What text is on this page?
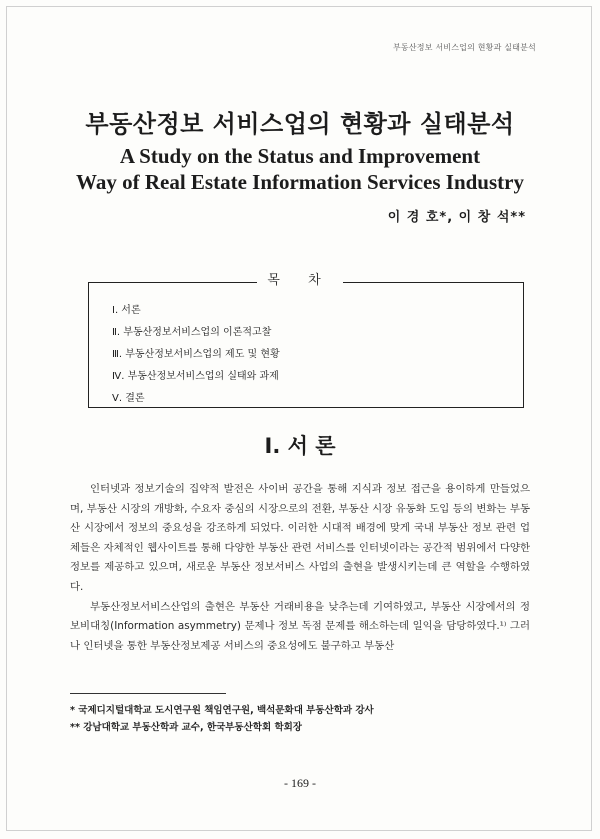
부동산정보 서비스업의 현황과 실태분석
부동산정보 서비스업의 현황과 실태분석
A Study on the Status and Improvement
Way of Real Estate Information Services Industry
이 경 호*, 이 창 석**
목 차
Ⅰ. 서론
Ⅱ. 부동산정보서비스업의 이론적고찰
Ⅲ. 부동산정보서비스업의 제도 및 현황
Ⅳ. 부동산정보서비스업의 실태와 과제
Ⅴ. 결론
Ⅰ. 서 론

인터넷과 정보기술의 집약적 발전은 사이버 공간을 통해 지식과 정보 접근을 용이하게 만들었으며, 부동산 시장의 개방화, 수요자 중심의 시장으로의 전환, 부동산 시장 유동화 도입 등의 변화는 부동산 시장에서 정보의 중요성을 강조하게 되었다. 이러한 시대적 배경에 맞게 국내 부동산 정보 관련 업체들은 자체적인 웹사이트를 통해 다양한 부동산 관련 서비스를 인터넷이라는 공간적 범위에서 다양한 정보를 제공하고 있으며, 새로운 부동산 정보서비스 사업의 출현을 발생시키는데 큰 역할을 수행하였다.

부동산정보서비스산업의 출현은 부동산 거래비용을 낮추는데 기여하였고, 부동산 시장에서의 정보비대칭(Information asymmetry) 문제나 정보 독점 문제를 해소하는데 일익을 담당하였다.¹⁾ 그러나 인터넷을 통한 부동산정보제공 서비스의 중요성에도 불구하고 부동산

* 국제디지털대학교 도시연구원 책임연구원, 백석문화대 부동산학과 강사
** 강남대학교 부동산학과 교수, 한국부동산학회 학회장
- 169 -
